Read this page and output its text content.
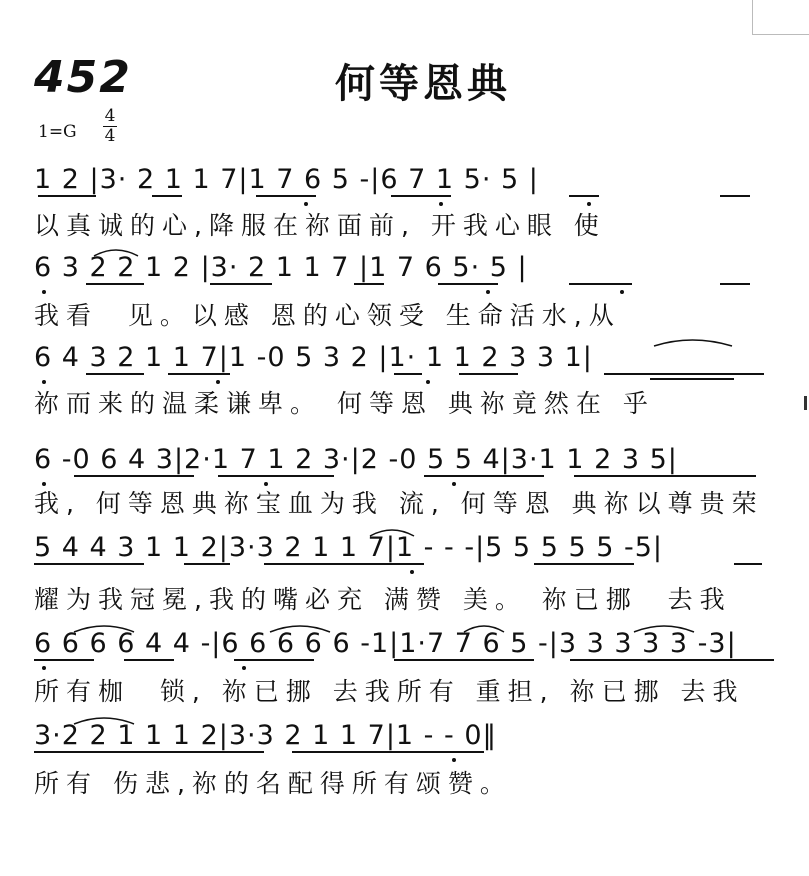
452	何等恩典
1=G
4
4

1 2 |3· 2 1 1 7|1 7 6 5 -|6 7 1 5· 5 |

以真诚的心,降服在祢面前, 开我心眼 使

6 3 2 2 1 2 |3· 2 1 1 7 |1 7 6 5· 5 |

我看  见。以感 恩的心领受 生命活水,从

6 4 3 2 1 1 7|1 -0 5 3 2 |1· 1 1 2 3 3 1|

祢而来的温柔谦卑。 何等恩 典祢竟然在 乎

6 -0 6 4 3|2·1 7 1 2 3·|2 -0 5 5 4|3·1 1 2 3 5|

我, 何等恩典祢宝血为我 流, 何等恩 典祢以尊贵荣

5 4 4 3 1 1 2|3·3 2 1 1 7|1 - - -|5 5 5 5 5 -5|

耀为我冠冕,我的嘴必充 满赞 美。 祢已挪  去我

6 6 6 6 4 4 -|6 6 6 6 6 -1|1·7 7 6 5 -|3 3 3 3 3 -3|

所有枷  锁, 祢已挪 去我所有 重担, 祢已挪 去我

3·2 2 1 1 1 2|3·3 2 1 1 7|1 - - 0‖

所有 伤悲,祢的名配得所有颂赞。
